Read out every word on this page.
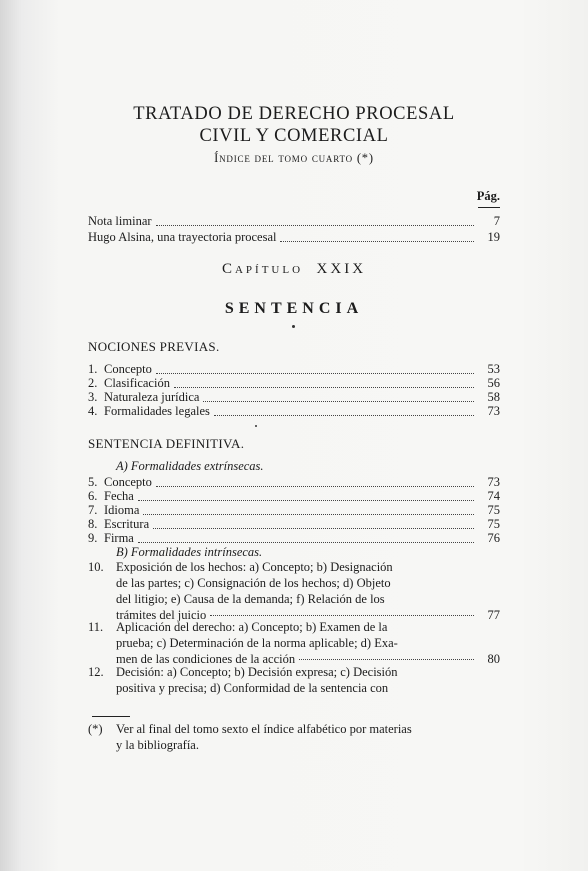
TRATADO DE DERECHO PROCESAL
CIVIL Y COMERCIAL
Índice del tomo cuarto (*)
Pág.
Nota liminar	7
Hugo Alsina, una trayectoria procesal	19
Capítulo XXIX
SENTENCIA
NOCIONES PREVIAS.
1. Concepto	53
2. Clasificación	56
3. Naturaleza jurídica	58
4. Formalidades legales	73
SENTENCIA DEFINITIVA.
A) Formalidades extrínsecas.
5. Concepto	73
6. Fecha	74
7. Idioma	75
8. Escritura	75
9. Firma	76
B) Formalidades intrínsecas.
10. Exposición de los hechos: a) Concepto; b) Designación
de las partes; c) Consignación de los hechos; d) Objeto
del litigio; e) Causa de la demanda; f) Relación de los
trámites del juicio	77
11. Aplicación del derecho: a) Concepto; b) Examen de la
prueba; c) Determinación de la norma aplicable; d) Exa-
men de las condiciones de la acción	80
12. Decisión: a) Concepto; b) Decisión expresa; c) Decisión
positiva y precisa; d) Conformidad de la sentencia con
(*) Ver al final del tomo sexto el índice alfabético por materias
y la bibliografía.
